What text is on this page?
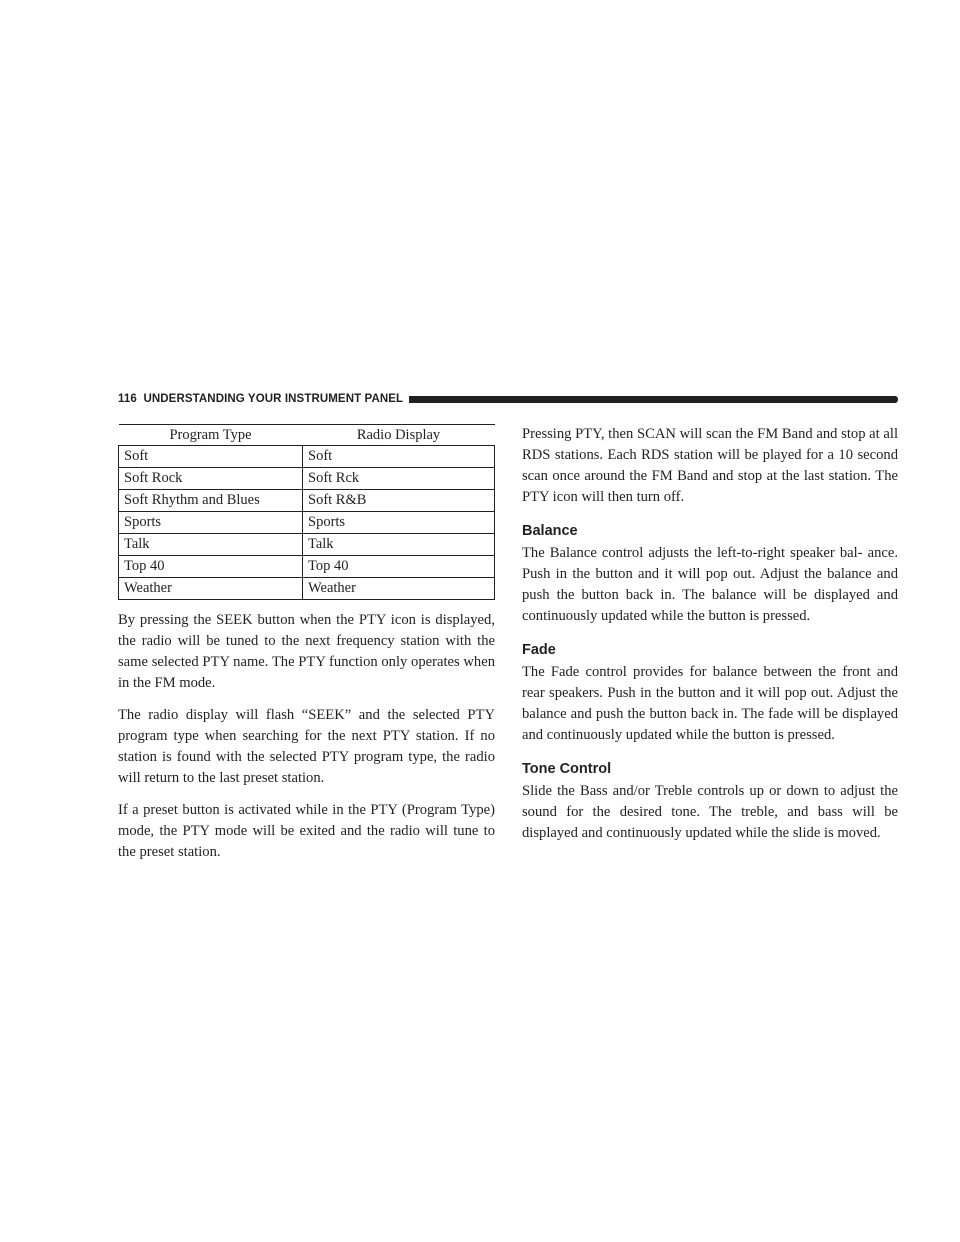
116 UNDERSTANDING YOUR INSTRUMENT PANEL
Program Type	Radio Display
Soft	Soft
Soft Rock	Soft Rck
Soft Rhythm and Blues	Soft R&B
Sports	Sports
Talk	Talk
Top 40	Top 40
Weather	Weather

By pressing the SEEK button when the PTY icon is displayed, the radio will be tuned to the next frequency station with the same selected PTY name. The PTY function only operates when in the FM mode.

The radio display will flash “SEEK” and the selected PTY program type when searching for the next PTY station. If no station is found with the selected PTY program type, the radio will return to the last preset station.

If a preset button is activated while in the PTY (Program Type) mode, the PTY mode will be exited and the radio will tune to the preset station.

Pressing PTY, then SCAN will scan the FM Band and stop at all RDS stations. Each RDS station will be played for a 10 second scan once around the FM Band and stop at the last station. The PTY icon will then turn off.

Balance

The Balance control adjusts the left-to-right speaker bal- ance. Push in the button and it will pop out. Adjust the balance and push the button back in. The balance will be displayed and continuously updated while the button is pressed.

Fade

The Fade control provides for balance between the front and rear speakers. Push in the button and it will pop out. Adjust the balance and push the button back in. The fade will be displayed and continuously updated while the button is pressed.

Tone Control

Slide the Bass and/or Treble controls up or down to adjust the sound for the desired tone. The treble, and bass will be displayed and continuously updated while the slide is moved.
